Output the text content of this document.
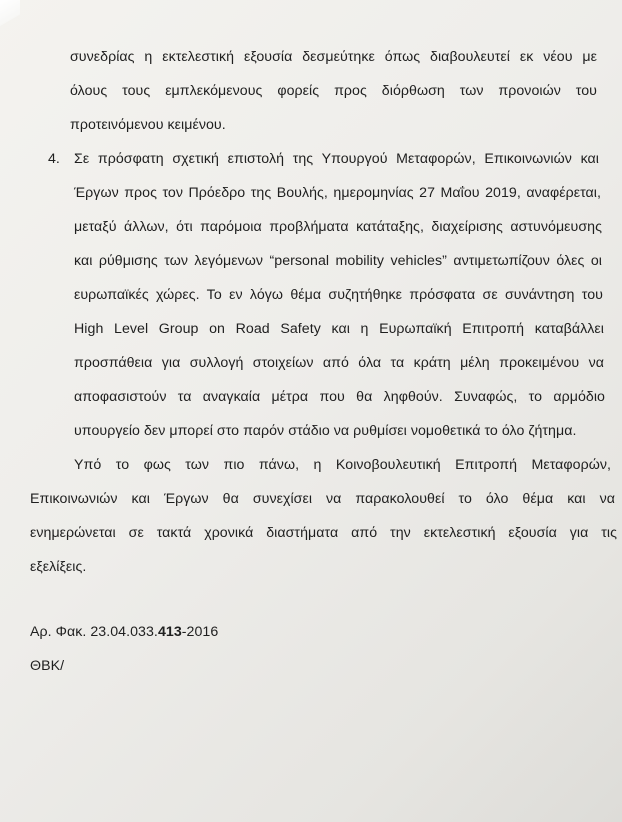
συνεδρίας η εκτελεστική εξουσία δεσμεύτηκε όπως διαβουλευτεί εκ νέου με
όλους τους εμπλεκόμενους φορείς προς διόρθωση των προνοιών του
προτεινόμενου κειμένου.
4. Σε πρόσφατη σχετική επιστολή της Υπουργού Μεταφορών, Επικοινωνιών και
Έργων προς τον Πρόεδρο της Βουλής, ημερομηνίας 27 Μαΐου 2019, αναφέρεται,
μεταξύ άλλων, ότι παρόμοια προβλήματα κατάταξης, διαχείρισης αστυνόμευσης
και ρύθμισης των λεγόμενων “personal mobility vehicles” αντιμετωπίζουν όλες οι
ευρωπαϊκές χώρες. Το εν λόγω θέμα συζητήθηκε πρόσφατα σε συνάντηση του
High Level Group on Road Safety και η Ευρωπαϊκή Επιτροπή καταβάλλει
προσπάθεια για συλλογή στοιχείων από όλα τα κράτη μέλη προκειμένου να
αποφασιστούν τα αναγκαία μέτρα που θα ληφθούν. Συναφώς, το αρμόδιο
υπουργείο δεν μπορεί στο παρόν στάδιο να ρυθμίσει νομοθετικά το όλο ζήτημα.
Υπό το φως των πιο πάνω, η Κοινοβουλευτική Επιτροπή Μεταφορών,
Επικοινωνιών και Έργων θα συνεχίσει να παρακολουθεί το όλο θέμα και να
ενημερώνεται σε τακτά χρονικά διαστήματα από την εκτελεστική εξουσία για τις
εξελίξεις.
Αρ. Φακ. 23.04.033.413-2016
ΘΒΚ/
